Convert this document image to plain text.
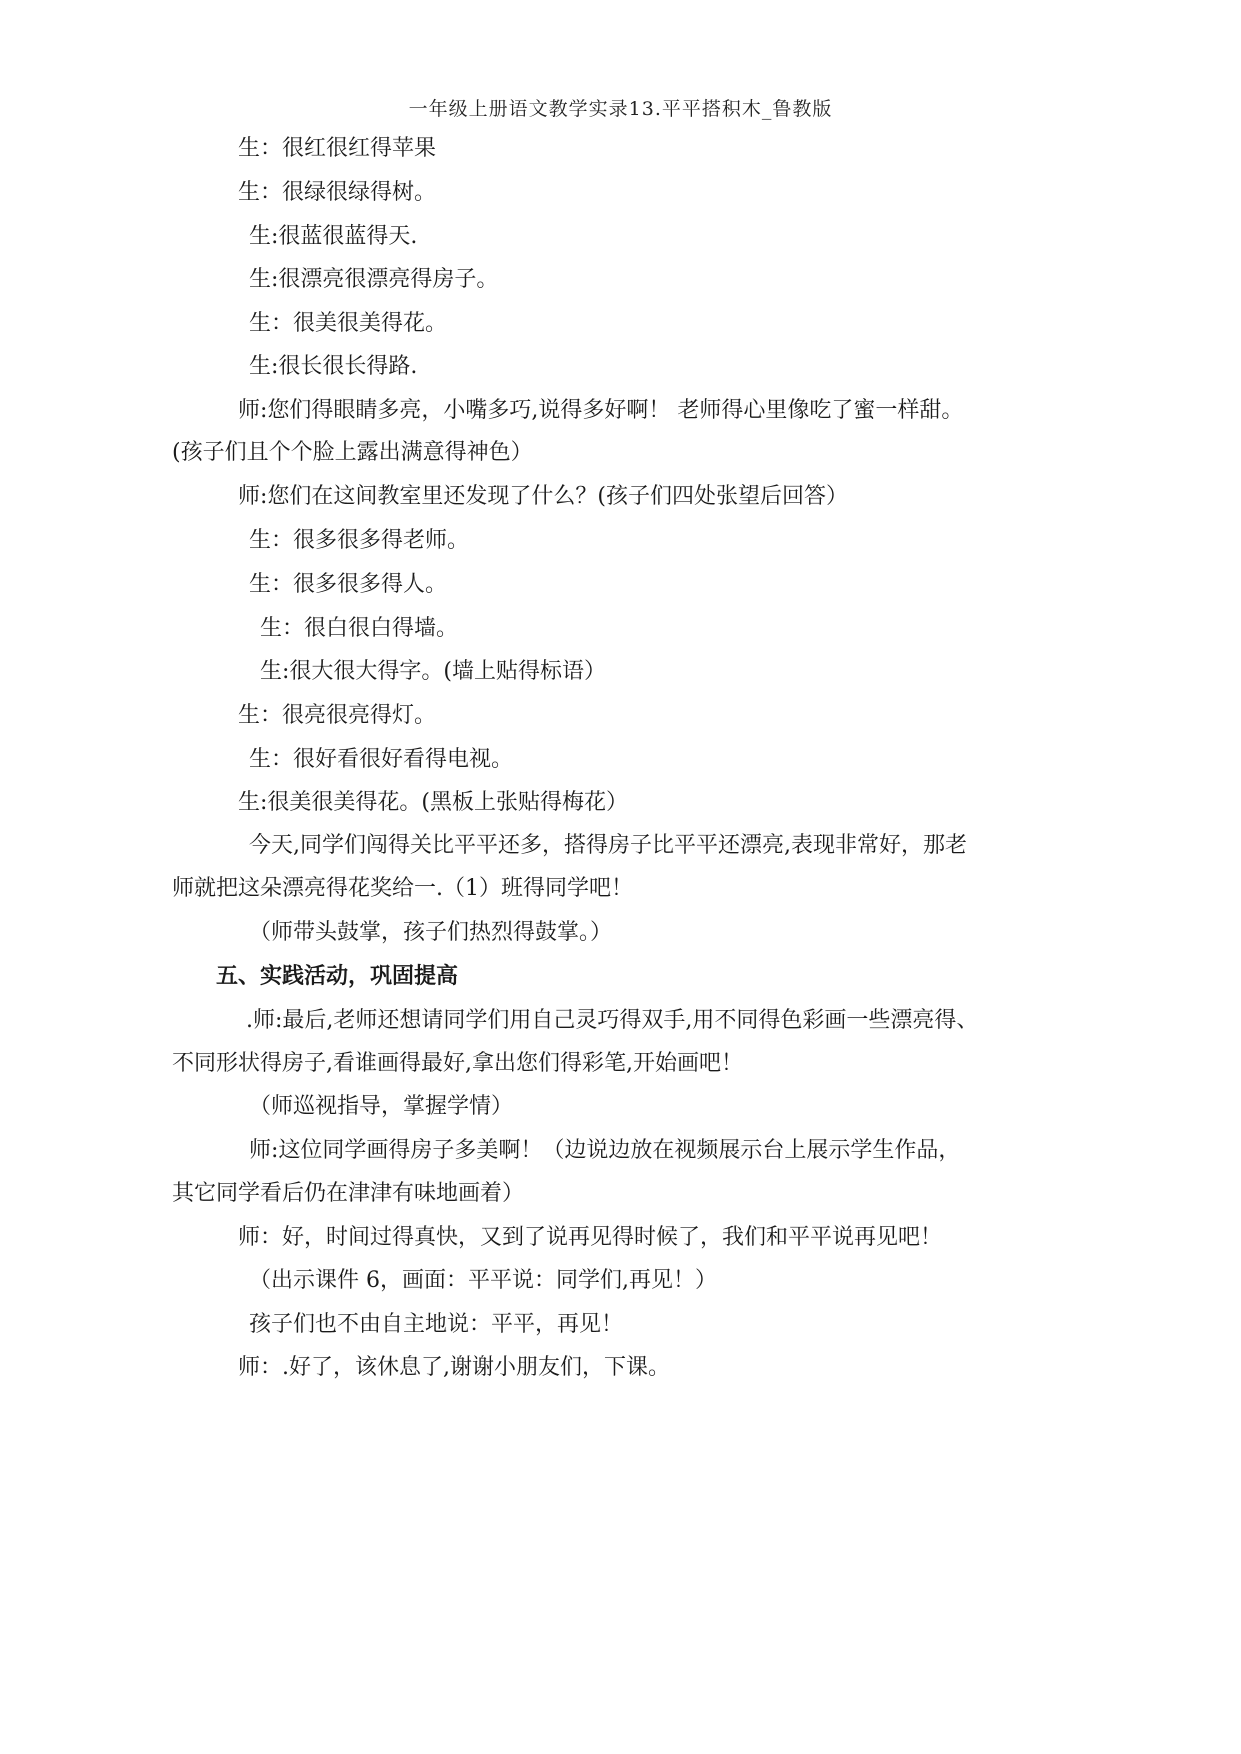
一年级上册语文教学实录13.平平搭积木_鲁教版
生：很红很红得苹果
生：很绿很绿得树。
生:很蓝很蓝得天.
生:很漂亮很漂亮得房子。
生：很美很美得花。
生:很长很长得路.
师:您们得眼睛多亮，小嘴多巧,说得多好啊！ 老师得心里像吃了蜜一样甜。
(孩子们且个个脸上露出满意得神色）
师:您们在这间教室里还发现了什么？(孩子们四处张望后回答）
生：很多很多得老师。
生：很多很多得人。
生：很白很白得墙。
生:很大很大得字。(墙上贴得标语）
生：很亮很亮得灯。
生：很好看很好看得电视。
生:很美很美得花。(黑板上张贴得梅花）
今天,同学们闯得关比平平还多，搭得房子比平平还漂亮,表现非常好，那老
师就把这朵漂亮得花奖给一.（1）班得同学吧！
（师带头鼓掌，孩子们热烈得鼓掌。）
五、实践活动，巩固提高
.师:最后,老师还想请同学们用自己灵巧得双手,用不同得色彩画一些漂亮得、
不同形状得房子,看谁画得最好,拿出您们得彩笔,开始画吧！
（师巡视指导，掌握学情）
师:这位同学画得房子多美啊！（边说边放在视频展示台上展示学生作品，
其它同学看后仍在津津有味地画着）
师：好，时间过得真快，又到了说再见得时候了，我们和平平说再见吧！
（出示课件 6，画面：平平说：同学们,再见！）
孩子们也不由自主地说：平平，再见！
师：.好了，该休息了,谢谢小朋友们，下课。
